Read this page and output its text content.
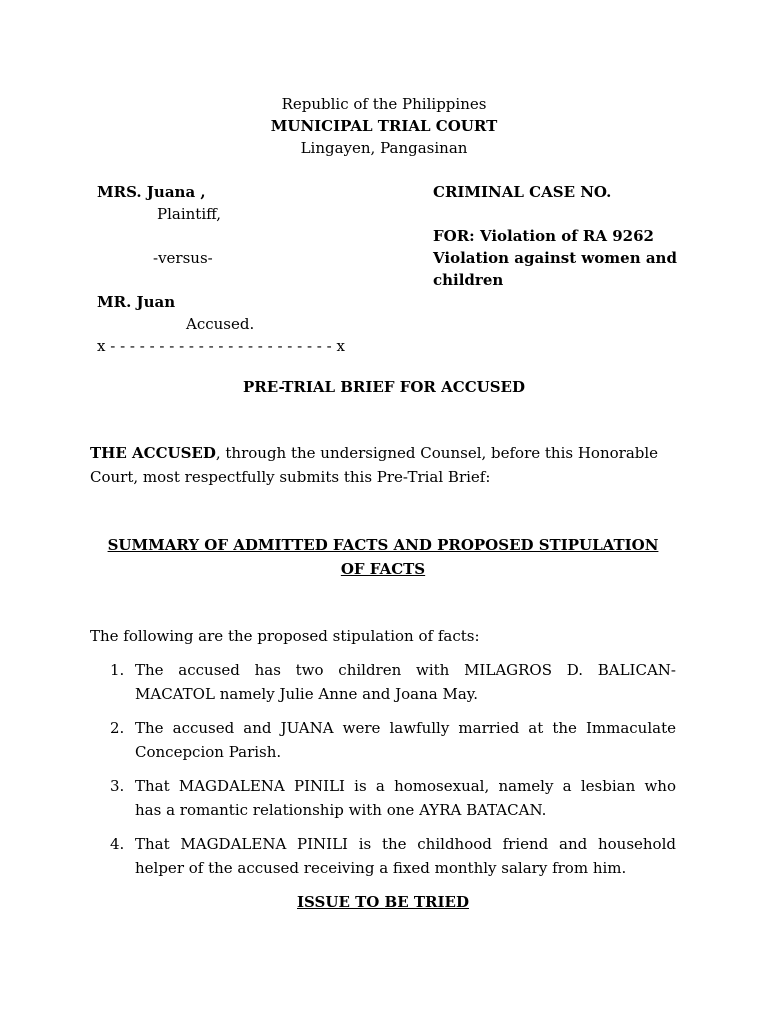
Republic of the Philippines
MUNICIPAL TRIAL COURT
Lingayen, Pangasinan
MRS. Juana ,
Plaintiff,
-versus-
MR. Juan
Accused.
x - - - - - - - - - - - - - - - - - - - - - - - x
CRIMINAL CASE NO.
FOR: Violation of RA 9262
Violation against women and
children
PRE-TRIAL BRIEF FOR ACCUSED
THE ACCUSED, through the undersigned Counsel, before this Honorable
Court, most respectfully submits this Pre-Trial Brief:
SUMMARY OF ADMITTED FACTS AND PROPOSED STIPULATION
OF FACTS
The following are the proposed stipulation of facts:
1. The accused has two children with MILAGROS D. BALICAN-
MACATOL namely Julie Anne and Joana May.
2. The accused and JUANA were lawfully married at the Immaculate
Concepcion Parish.
3. That MAGDALENA PINILI is a homosexual, namely a lesbian who
has a romantic relationship with one AYRA BATACAN.
4. That MAGDALENA PINILI is the childhood friend and household
helper of the accused receiving a fixed monthly salary from him.
ISSUE TO BE TRIED
